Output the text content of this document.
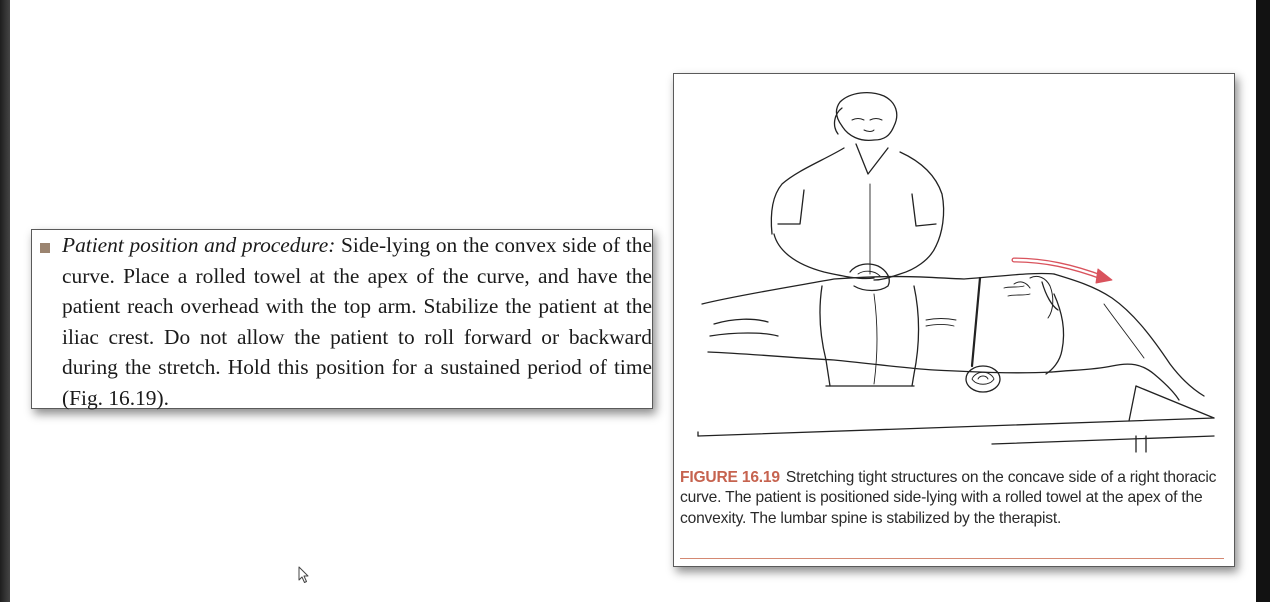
Patient position and procedure: Side-lying on the convex side of the curve. Place a rolled towel at the apex of the curve, and have the patient reach overhead with the top arm. Stabilize the patient at the iliac crest. Do not allow the patient to roll forward or backward during the stretch. Hold this position for a sustained period of time (Fig. 16.19).

FIGURE 16.19 Stretching tight structures on the concave side of a right thoracic curve. The patient is positioned side-lying with a rolled towel at the apex of the convexity. The lumbar spine is stabilized by the therapist.
